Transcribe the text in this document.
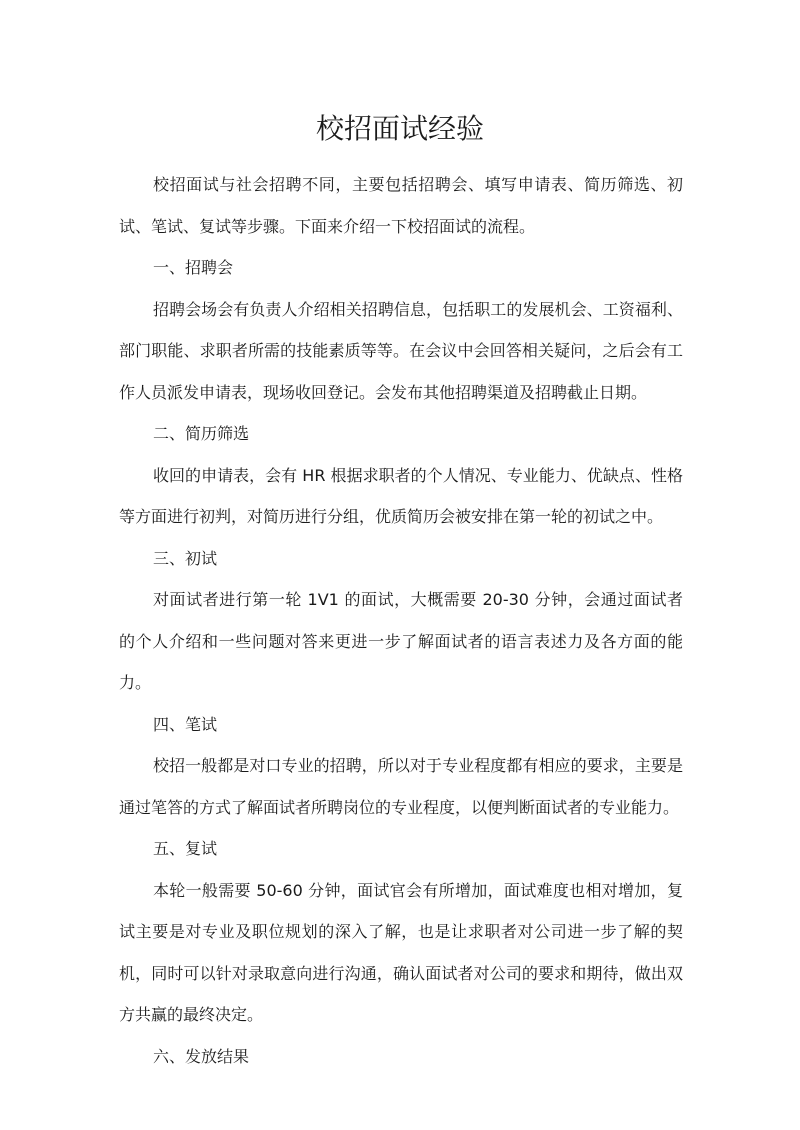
校招面试经验

校招面试与社会招聘不同，主要包括招聘会、填写申请表、简历筛选、初试、笔试、复试等步骤。下面来介绍一下校招面试的流程。

一、招聘会

招聘会场会有负责人介绍相关招聘信息，包括职工的发展机会、工资福利、部门职能、求职者所需的技能素质等等。在会议中会回答相关疑问，之后会有工作人员派发申请表，现场收回登记。会发布其他招聘渠道及招聘截止日期。

二、简历筛选

收回的申请表，会有 HR 根据求职者的个人情况、专业能力、优缺点、性格等方面进行初判，对简历进行分组，优质简历会被安排在第一轮的初试之中。

三、初试

对面试者进行第一轮 1V1 的面试，大概需要 20-30 分钟，会通过面试者的个人介绍和一些问题对答来更进一步了解面试者的语言表述力及各方面的能力。

四、笔试

校招一般都是对口专业的招聘，所以对于专业程度都有相应的要求，主要是通过笔答的方式了解面试者所聘岗位的专业程度，以便判断面试者的专业能力。

五、复试

本轮一般需要 50-60 分钟，面试官会有所增加，面试难度也相对增加，复试主要是对专业及职位规划的深入了解，也是让求职者对公司进一步了解的契机，同时可以针对录取意向进行沟通，确认面试者对公司的要求和期待，做出双方共赢的最终决定。

六、发放结果
